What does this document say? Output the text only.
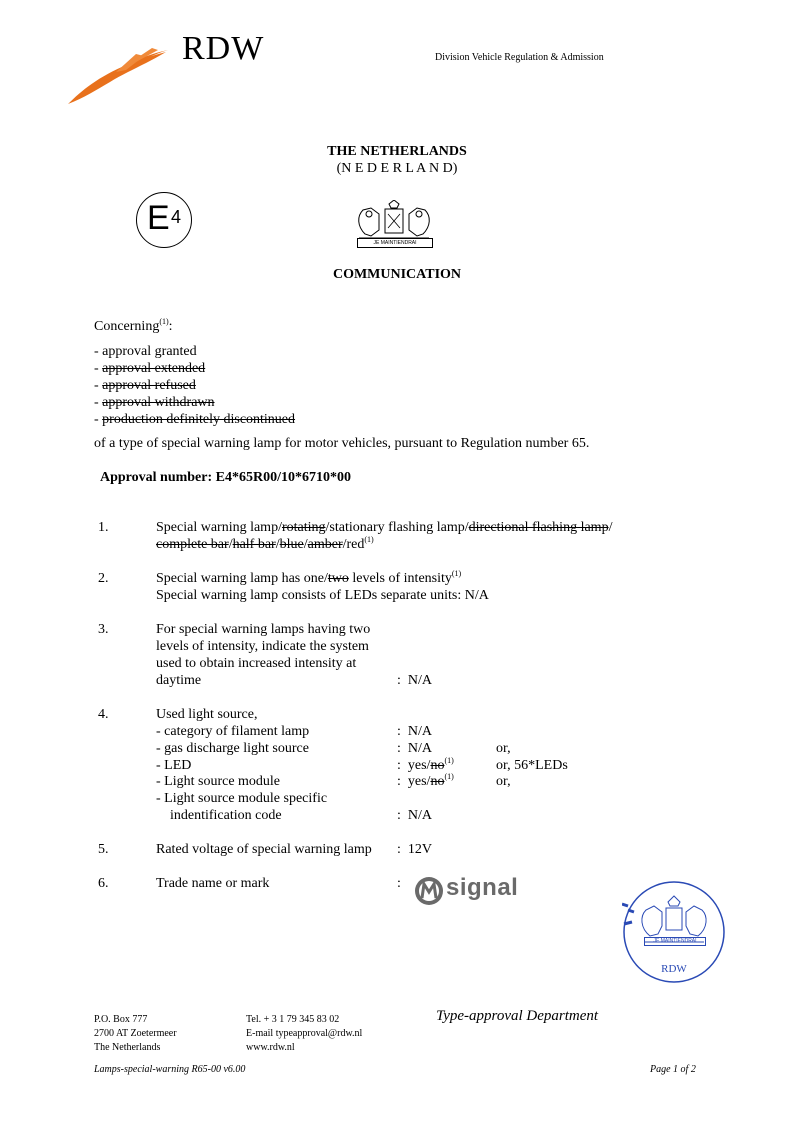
RDW	Division Vehicle Regulation & Admission
THE NETHERLANDS
(N E D E R L A N D)
E 4
JE MAINTIENDRAI
COMMUNICATION
Concerning$^{(1)}$:
- approval granted
- approval extended
- approval refused
- approval withdrawn
- production definitely discontinued
of a type of special warning lamp for motor vehicles, pursuant to Regulation number 65.
Approval number: E4*65R00/10*6710*00
1.	Special warning lamp/rotating/stationary flashing lamp/directional flashing lamp/
complete bar/half bar/blue/amber/red$^{(1)}$
2.	Special warning lamp has one/two levels of intensity$^{(1)}$
Special warning lamp consists of LEDs separate units: N/A
3.	For special warning lamps having two
levels of intensity, indicate the system
used to obtain increased intensity at
daytime	: N/A
4.	Used light source,
- category of filament lamp	: N/A
- gas discharge light source	: N/A	or,
- LED	: yes/$no^{(1)}$	or, 56*LEDs
- Light source module	: yes/$no^{(1)}$	or,
- Light source module specific
indentification code	: N/A
5.	Rated voltage of special warning lamp : 12V
6.	Trade name or mark	: signal
JE MAINTIENDRAI
RDW
P.O. Box 777
2700 AT Zoetermeer
The Netherlands
Tel. + 3 1 79 345 83 02
E-mail typeapproval@rdw.nl
www.rdw.nl
Type-approval Department
Lamps-special-warning R65-00 v6.00	Page 1 of 2
